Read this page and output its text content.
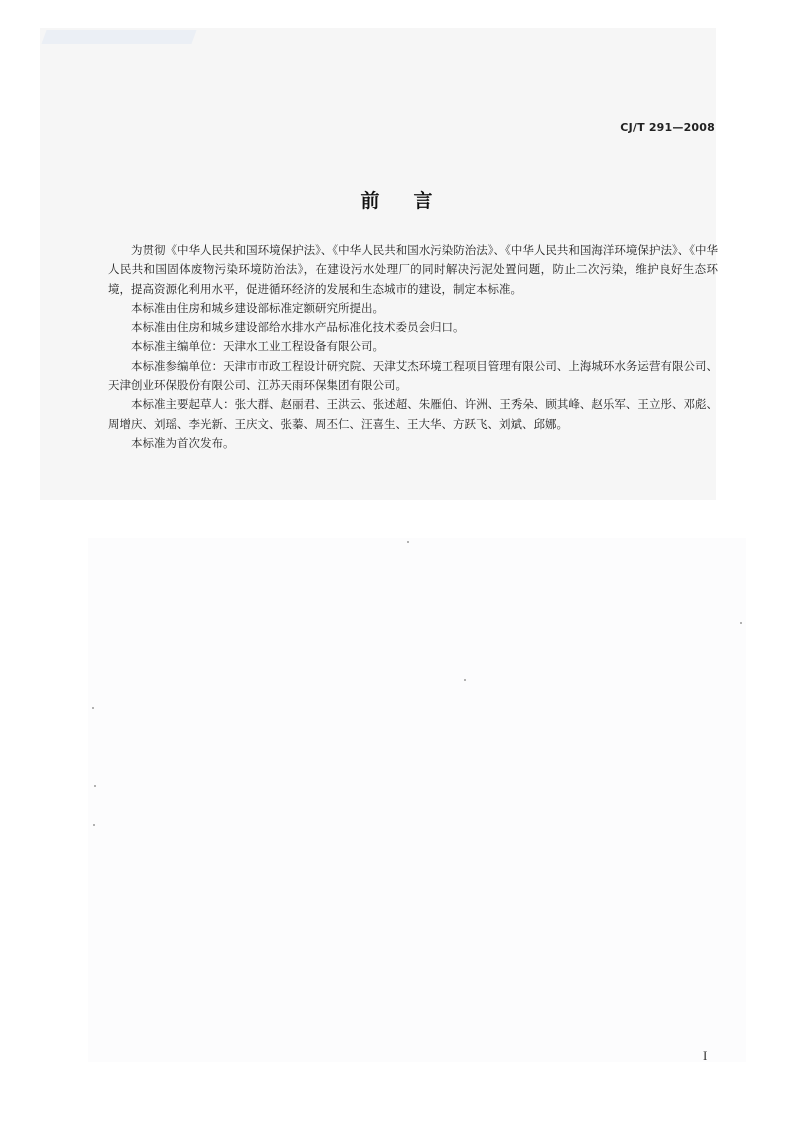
CJ/T 291—2008
前言

为贯彻《中华人民共和国环境保护法》、《中华人民共和国水污染防治法》、《中华人民共和国海洋环境保护法》、《中华人民共和国固体废物污染环境防治法》，在建设污水处理厂的同时解决污泥处置问题，防止二次污染，维护良好生态环境，提高资源化利用水平，促进循环经济的发展和生态城市的建设，制定本标准。

本标准由住房和城乡建设部标准定额研究所提出。

本标准由住房和城乡建设部给水排水产品标准化技术委员会归口。

本标准主编单位：天津水工业工程设备有限公司。

本标准参编单位：天津市市政工程设计研究院、天津艾杰环境工程项目管理有限公司、上海城环水务运营有限公司、天津创业环保股份有限公司、江苏天雨环保集团有限公司。

本标准主要起草人：张大群、赵丽君、王洪云、张述超、朱雁伯、许洲、王秀朵、顾其峰、赵乐军、王立彤、邓彪、周增庆、刘瑶、李光新、王庆文、张蓁、周丕仁、汪喜生、王大华、方跃飞、刘斌、邱娜。

本标准为首次发布。

I
